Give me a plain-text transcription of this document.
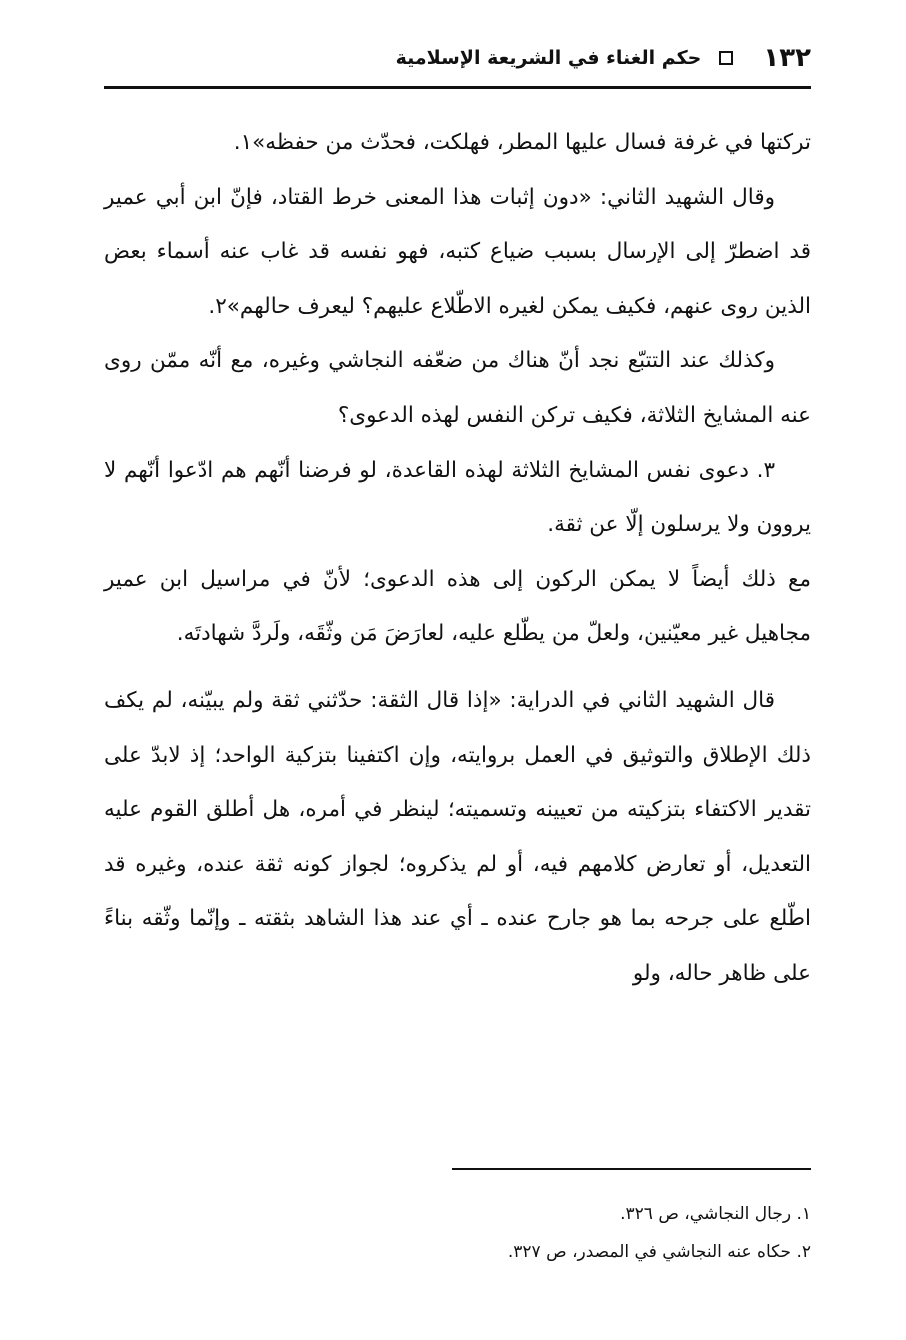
١٣٢
حكم الغناء في الشريعة الإسلامية

تركتها في غرفة فسال عليها المطر، فهلكت، فحدّث من حفظه»١.

وقال الشهيد الثاني: «دون إثبات هذا المعنى خرط القتاد، فإنّ ابن أبي عمير قد اضطرّ إلى الإرسال بسبب ضياع كتبه، فهو نفسه قد غاب عنه أسماء بعض الذين روى عنهم، فكيف يمكن لغيره الاطّلاع عليهم؟ ليعرف حالهم»٢.

وكذلك عند التتبّع نجد أنّ هناك من ضعّفه النجاشي وغيره، مع أنّه ممّن روى عنه المشايخ الثلاثة، فكيف تركن النفس لهذه الدعوى؟

٣. دعوى نفس المشايخ الثلاثة لهذه القاعدة، لو فرضنا أنّهم هم ادّعوا أنّهم لا يروون ولا يرسلون إلّا عن ثقة.

مع ذلك أيضاً لا يمكن الركون إلى هذه الدعوى؛ لأنّ في مراسيل ابن عمير مجاهيل غير معيّنين، ولعلّ من يطّلع عليه، لعارَضَ مَن وثّقَه، ولَردَّ شهادتَه.

قال الشهيد الثاني في الدراية: «إذا قال الثقة: حدّثني ثقة ولم يبيّنه، لم يكف ذلك الإطلاق والتوثيق في العمل بروايته، وإن اكتفينا بتزكية الواحد؛ إذ لابدّ على تقدير الاكتفاء بتزكيته من تعيينه وتسميته؛ لينظر في أمره، هل أطلق القوم عليه التعديل، أو تعارض كلامهم فيه، أو لم يذكروه؛ لجواز كونه ثقة عنده، وغيره قد اطّلع على جرحه بما هو جارح عنده ـ أي عند هذا الشاهد بثقته ـ وإنّما وثّقه بناءً على ظاهر حاله، ولو

١. رجال النجاشي، ص ٣٢٦.

٢. حكاه عنه النجاشي في المصدر، ص ٣٢٧.
